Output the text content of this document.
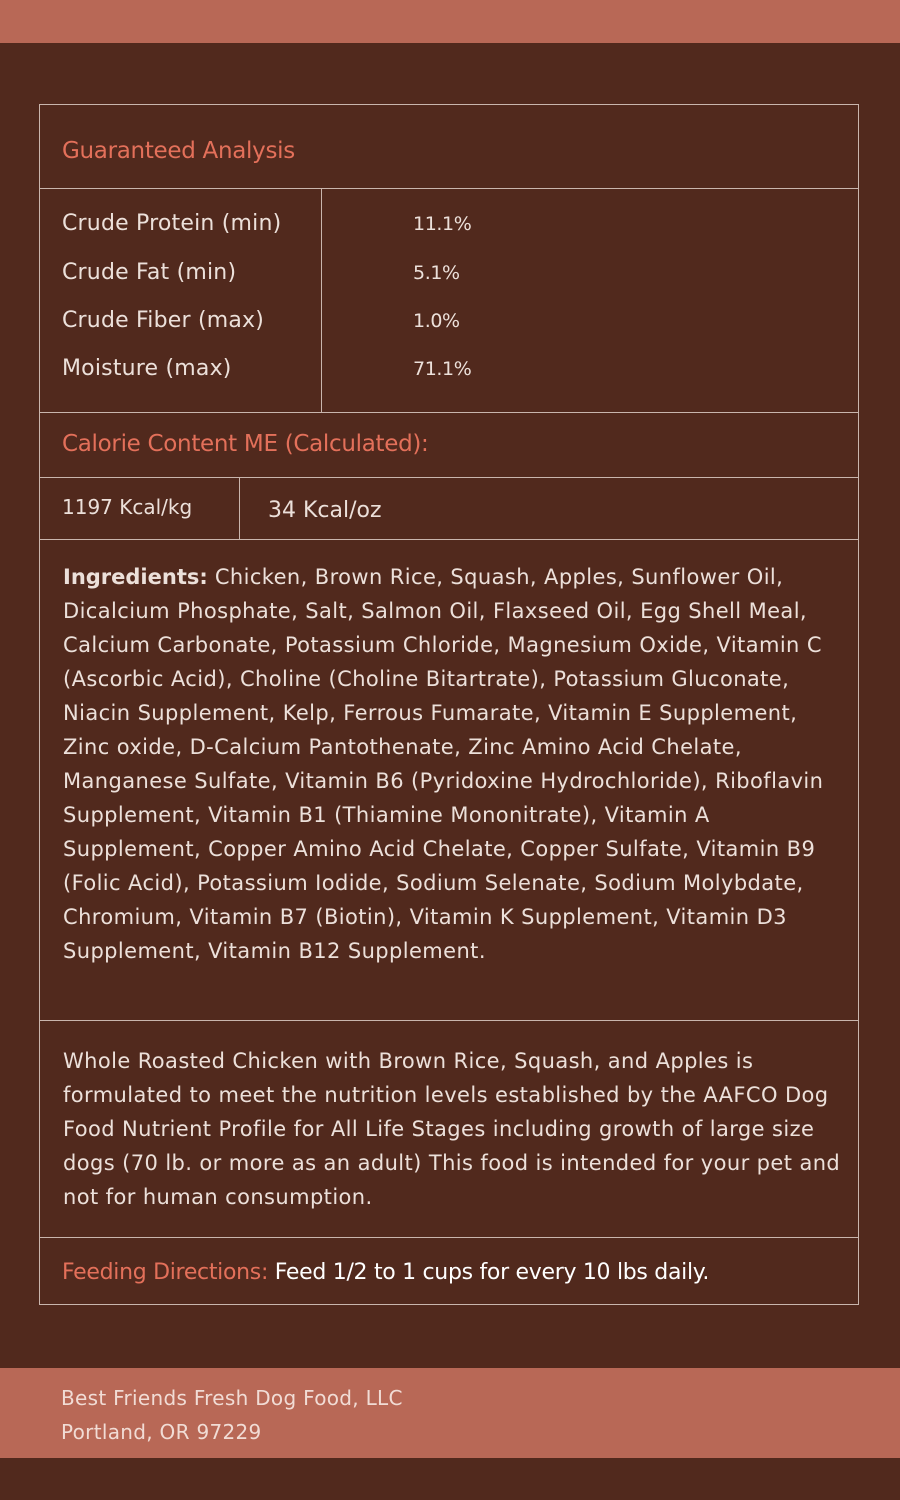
Guaranteed Analysis
Crude Protein (min)	11.1%
Crude Fat (min)	5.1%
Crude Fiber (max)	1.0%
Moisture (max)	71.1%
Calorie Content ME (Calculated):
1197 Kcal/kg	34 Kcal/oz
Ingredients: Chicken, Brown Rice, Squash, Apples, Sunflower Oil, Dicalcium Phosphate, Salt, Salmon Oil, Flaxseed Oil, Egg Shell Meal, Calcium Carbonate, Potassium Chloride, Magnesium Oxide, Vitamin C (Ascorbic Acid), Choline (Choline Bitartrate), Potassium Gluconate, Niacin Supplement, Kelp, Ferrous Fumarate, Vitamin E Supplement, Zinc oxide, D-Calcium Pantothenate, Zinc Amino Acid Chelate, Manganese Sulfate, Vitamin B6 (Pyridoxine Hydrochloride), Riboflavin Supplement, Vitamin B1 (Thiamine Mononitrate), Vitamin A Supplement, Copper Amino Acid Chelate, Copper Sulfate, Vitamin B9 (Folic Acid), Potassium Iodide, Sodium Selenate, Sodium Molybdate, Chromium, Vitamin B7 (Biotin), Vitamin K Supplement, Vitamin D3 Supplement, Vitamin B12 Supplement.
Whole Roasted Chicken with Brown Rice, Squash, and Apples is formulated to meet the nutrition levels established by the AAFCO Dog Food Nutrient Profile for All Life Stages including growth of large size dogs (70 lb. or more as an adult) This food is intended for your pet and not for human consumption.
Feeding Directions: Feed 1/2 to 1 cups for every 10 lbs daily.
Best Friends Fresh Dog Food, LLC
Portland, OR 97229
